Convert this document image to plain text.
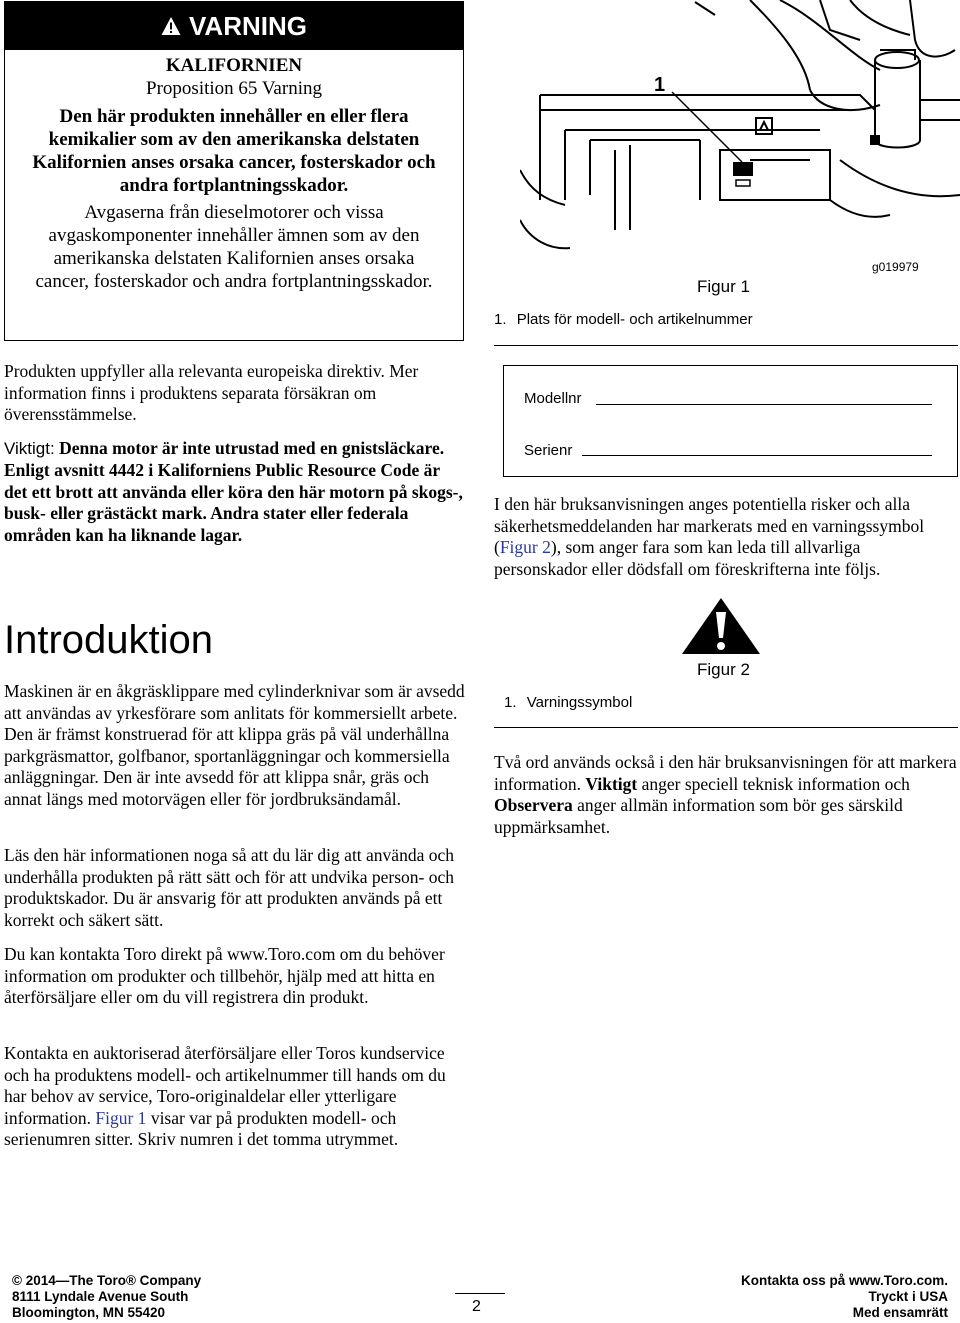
VARNING

KALIFORNIEN

Proposition 65 Varning

Den här produkten innehåller en eller flera kemikalier som av den amerikanska delstaten Kalifornien anses orsaka cancer, fosterskador och andra fortplantningsskador.

Avgaserna från dieselmotorer och vissa avgaskomponenter innehåller ämnen som av den amerikanska delstaten Kalifornien anses orsaka cancer, fosterskador och andra fortplantningsskador.

1
Figur 1
g019979
1. Plats för modell- och artikelnummer

Produkten uppfyller alla relevanta europeiska direktiv. Mer information finns i produktens separata försäkran om överensstämmelse.

Viktigt: Denna motor är inte utrustad med en gnistsläckare. Enligt avsnitt 4442 i Kaliforniens Public Resource Code är det ett brott att använda eller köra den här motorn på skogs-, busk- eller grästäckt mark. Andra stater eller federala områden kan ha liknande lagar.

Modellnr
Serienr

I den här bruksanvisningen anges potentiella risker och alla säkerhetsmeddelanden har markerats med en varningssymbol (Figur 2), som anger fara som kan leda till allvarliga personskador eller dödsfall om föreskrifterna inte följs.

Figur 2
1. Varningssymbol

Två ord används också i den här bruksanvisningen för att markera information. Viktigt anger speciell teknisk information och Observera anger allmän information som bör ges särskild uppmärksamhet.

Introduktion

Maskinen är en åkgräsklippare med cylinderknivar som är avsedd att användas av yrkesförare som anlitats för kommersiellt arbete. Den är främst konstruerad för att klippa gräs på väl underhållna parkgräsmattor, golfbanor, sportanläggningar och kommersiella anläggningar. Den är inte avsedd för att klippa snår, gräs och annat längs med motorvägen eller för jordbruksändamål.

Läs den här informationen noga så att du lär dig att använda och underhålla produkten på rätt sätt och för att undvika person- och produktskador. Du är ansvarig för att produkten används på ett korrekt och säkert sätt.

Du kan kontakta Toro direkt på www.Toro.com om du behöver information om produkter och tillbehör, hjälp med att hitta en återförsäljare eller om du vill registrera din produkt.

Kontakta en auktoriserad återförsäljare eller Toros kundservice och ha produktens modell- och artikelnummer till hands om du har behov av service, Toro-originaldelar eller ytterligare information. Figur 1 visar var på produkten modell- och serienumren sitter. Skriv numren i det tomma utrymmet.

© 2014—The Toro® Company
8111 Lyndale Avenue South
Bloomington, MN 55420	2
Kontakta oss på www.Toro.com.
Tryckt i USA
Med ensamrätt
